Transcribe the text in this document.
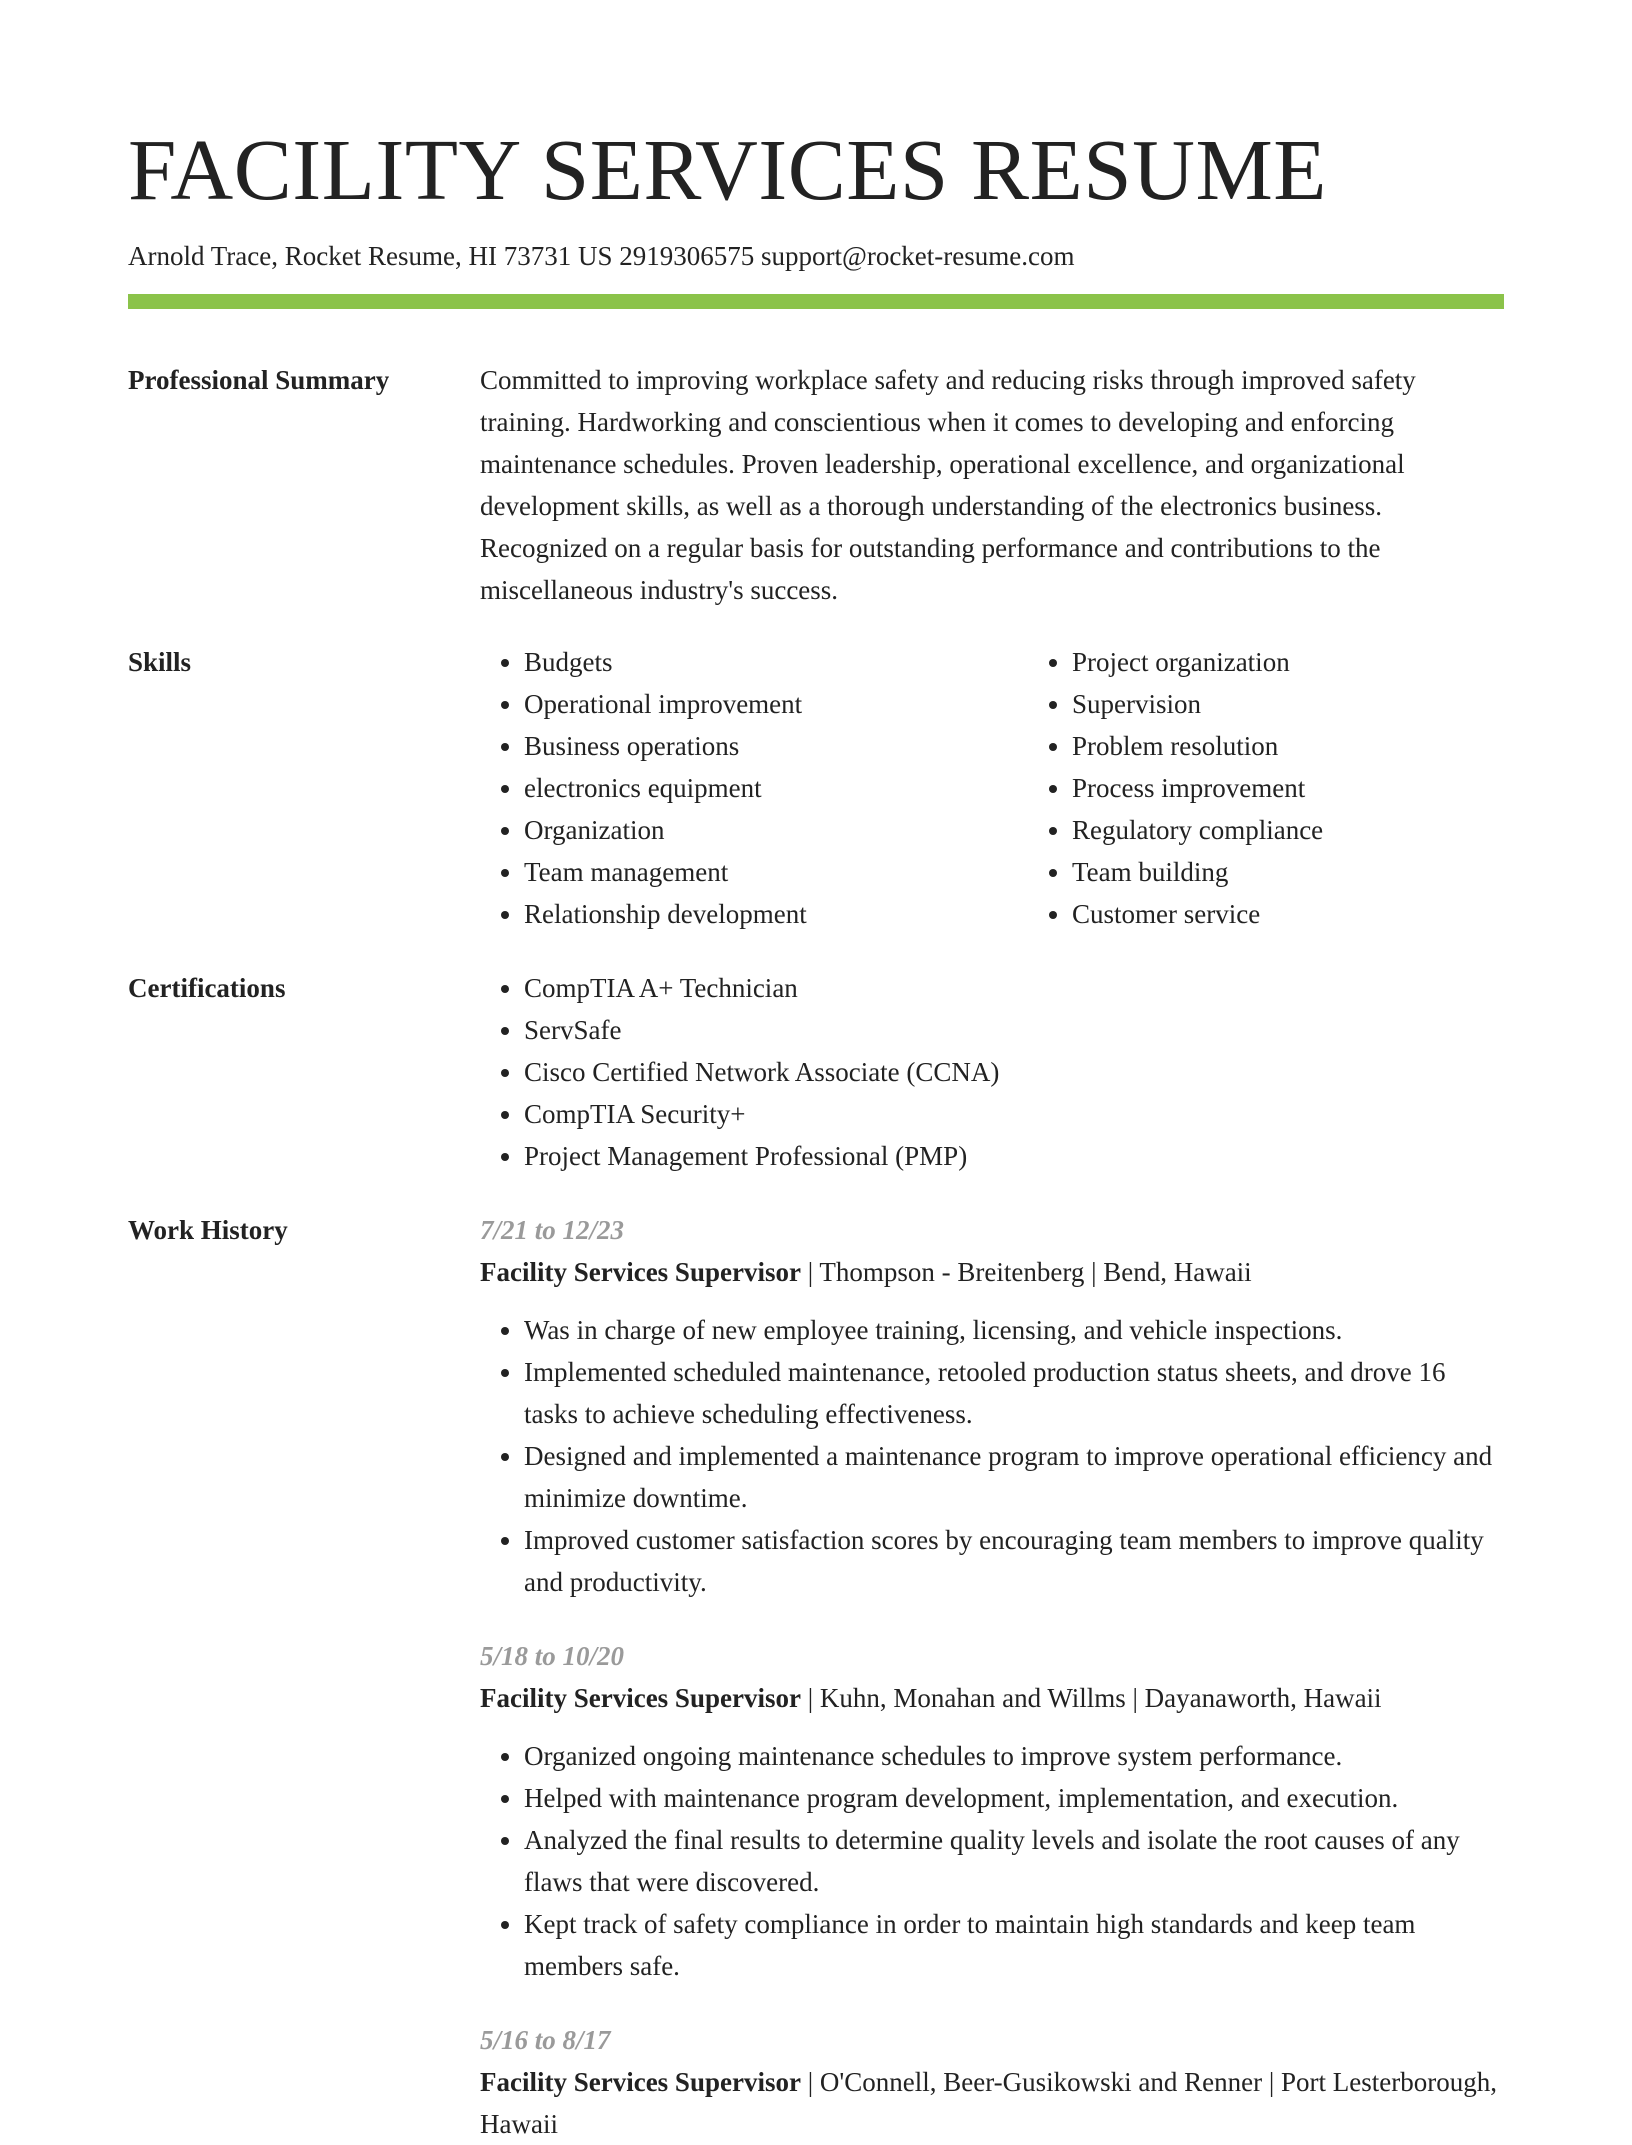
FACILITY SERVICES RESUME
Arnold Trace, Rocket Resume, HI 73731 US 2919306575 support@rocket-resume.com
Professional Summary	Committed to improving workplace safety and reducing risks through improved safety training. Hardworking and conscientious when it comes to developing and enforcing maintenance schedules. Proven leadership, operational excellence, and organizational development skills, as well as a thorough understanding of the electronics business. Recognized on a regular basis for outstanding performance and contributions to the miscellaneous industry's success.
Skills	• Budgets
• Operational improvement
• Business operations
• electronics equipment
• Organization
• Team management
• Relationship development
• Project organization
• Supervision
• Problem resolution
• Process improvement
• Regulatory compliance
• Team building
• Customer service
Certifications	• CompTIA A+ Technician
• ServSafe
• Cisco Certified Network Associate (CCNA)
• CompTIA Security+
• Project Management Professional (PMP)
Work History	7/21 to 12/23
Facility Services Supervisor | Thompson - Breitenberg | Bend, Hawaii
• Was in charge of new employee training, licensing, and vehicle inspections.
• Implemented scheduled maintenance, retooled production status sheets, and drove 16 tasks to achieve scheduling effectiveness.
• Designed and implemented a maintenance program to improve operational efficiency and minimize downtime.
• Improved customer satisfaction scores by encouraging team members to improve quality and productivity.
5/18 to 10/20
Facility Services Supervisor | Kuhn, Monahan and Willms | Dayanaworth, Hawaii
• Organized ongoing maintenance schedules to improve system performance.
• Helped with maintenance program development, implementation, and execution.
• Analyzed the final results to determine quality levels and isolate the root causes of any flaws that were discovered.
• Kept track of safety compliance in order to maintain high standards and keep team members safe.
5/16 to 8/17
Facility Services Supervisor | O'Connell, Beer-Gusikowski and Renner | Port Lesterborough, Hawaii
